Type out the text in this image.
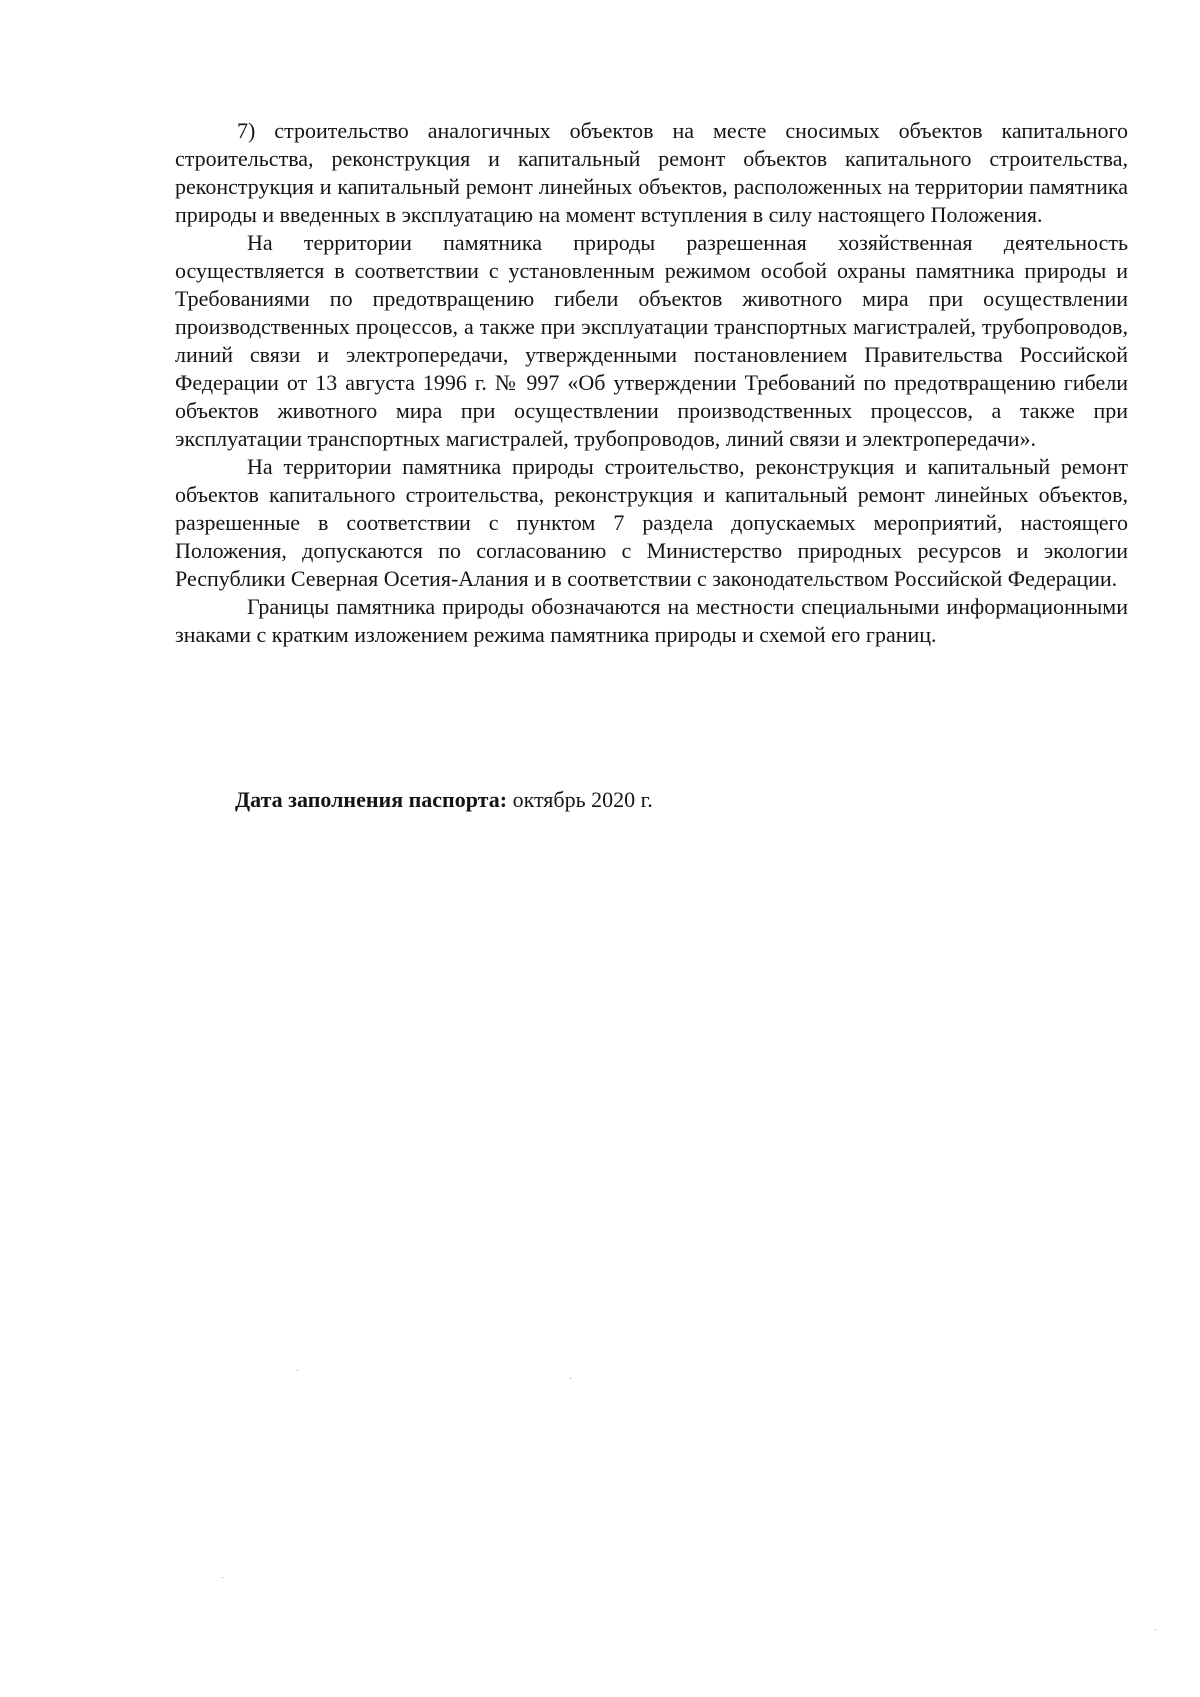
7) строительство аналогичных объектов на месте сносимых объектов капитального строительства, реконструкция и капитальный ремонт объектов капитального строительства, реконструкция и капитальный ремонт линейных объектов, расположенных на территории памятника природы и введенных в эксплуатацию на момент вступления в силу настоящего Положения.

На территории памятника природы разрешенная хозяйственная деятельность осуществляется в соответствии с установленным режимом особой охраны памятника природы и Требованиями по предотвращению гибели объектов животного мира при осуществлении производственных процессов, а также при эксплуатации транспортных магистралей, трубопроводов, линий связи и электропередачи, утвержденными постановлением Правительства Российской Федерации от 13 августа 1996 г. № 997 «Об утверждении Требований по предотвращению гибели объектов животного мира при осуществлении производственных процессов, а также при эксплуатации транспортных магистралей, трубопроводов, линий связи и электропередачи».

На территории памятника природы строительство, реконструкция и капитальный ремонт объектов капитального строительства, реконструкция и капитальный ремонт линейных объектов, разрешенные в соответствии с пунктом 7 раздела допускаемых мероприятий, настоящего Положения, допускаются по согласованию с Министерство природных ресурсов и экологии Республики Северная Осетия-Алания и в соответствии с законодательством Российской Федерации.

Границы памятника природы обозначаются на местности специальными информационными знаками с кратким изложением режима памятника природы и схемой его границ.

Дата заполнения паспорта: октябрь 2020 г.
